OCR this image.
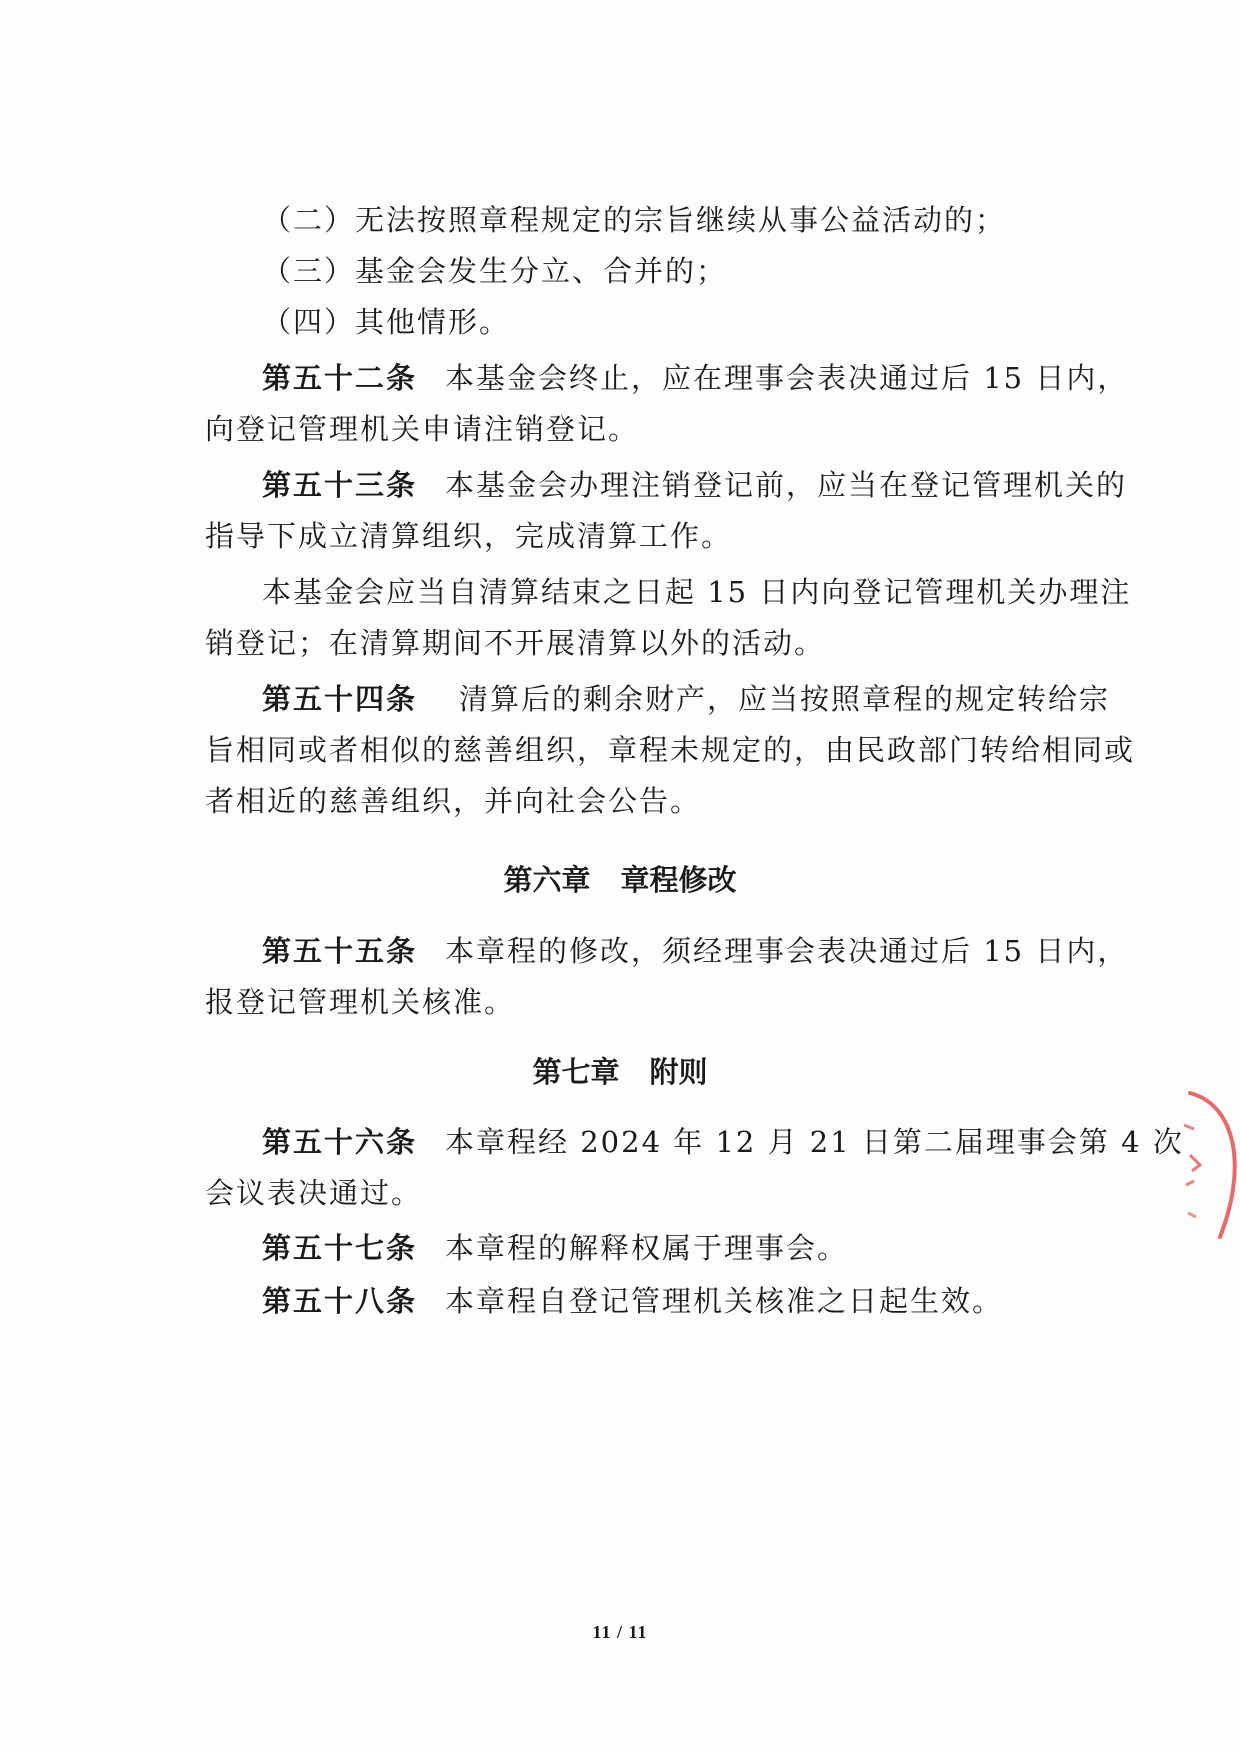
（二）无法按照章程规定的宗旨继续从事公益活动的；
（三）基金会发生分立、合并的；
（四）其他情形。
第五十二条 本基金会终止，应在理事会表决通过后 15 日内，
向登记管理机关申请注销登记。
第五十三条 本基金会办理注销登记前，应当在登记管理机关的
指导下成立清算组织，完成清算工作。
本基金会应当自清算结束之日起 15 日内向登记管理机关办理注
销登记；在清算期间不开展清算以外的活动。
第五十四条 清算后的剩余财产，应当按照章程的规定转给宗
旨相同或者相似的慈善组织，章程未规定的，由民政部门转给相同或
者相近的慈善组织，并向社会公告。
第六章 章程修改
第五十五条 本章程的修改，须经理事会表决通过后 15 日内，
报登记管理机关核准。
第七章 附则
第五十六条 本章程经 2024 年 12 月 21 日第二届理事会第 4 次
会议表决通过。
第五十七条 本章程的解释权属于理事会。
第五十八条 本章程自登记管理机关核准之日起生效。
11 / 11
